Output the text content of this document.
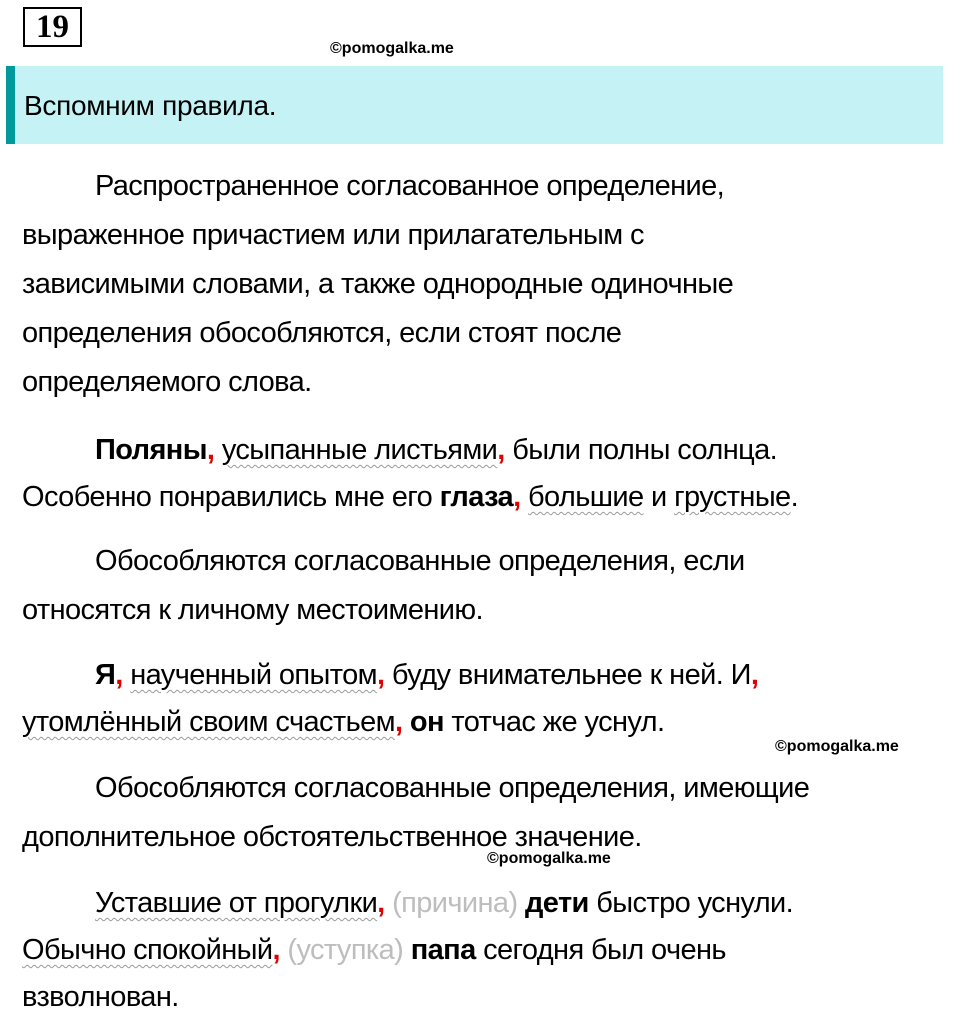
19
©pomogalka.me
Вспомним правила.
Распространенное согласованное определение,
выраженное причастием или прилагательным с
зависимыми словами, а также однородные одиночные
определения обособляются, если стоят после
определяемого слова.
Поляны, усыпанные листьями, были полны солнца.
Особенно понравились мне его глаза, большие и грустные.
Обособляются согласованные определения, если
относятся к личному местоимению.
Я, наученный опытом, буду внимательнее к ней. И,
утомлённый своим счастьем, он тотчас же уснул.
©pomogalka.me
Обособляются согласованные определения, имеющие
дополнительное обстоятельственное значение.
©pomogalka.me
Уставшие от прогулки, (причина) дети быстро уснули.
Обычно спокойный, (уступка) папа сегодня был очень
взволнован.
